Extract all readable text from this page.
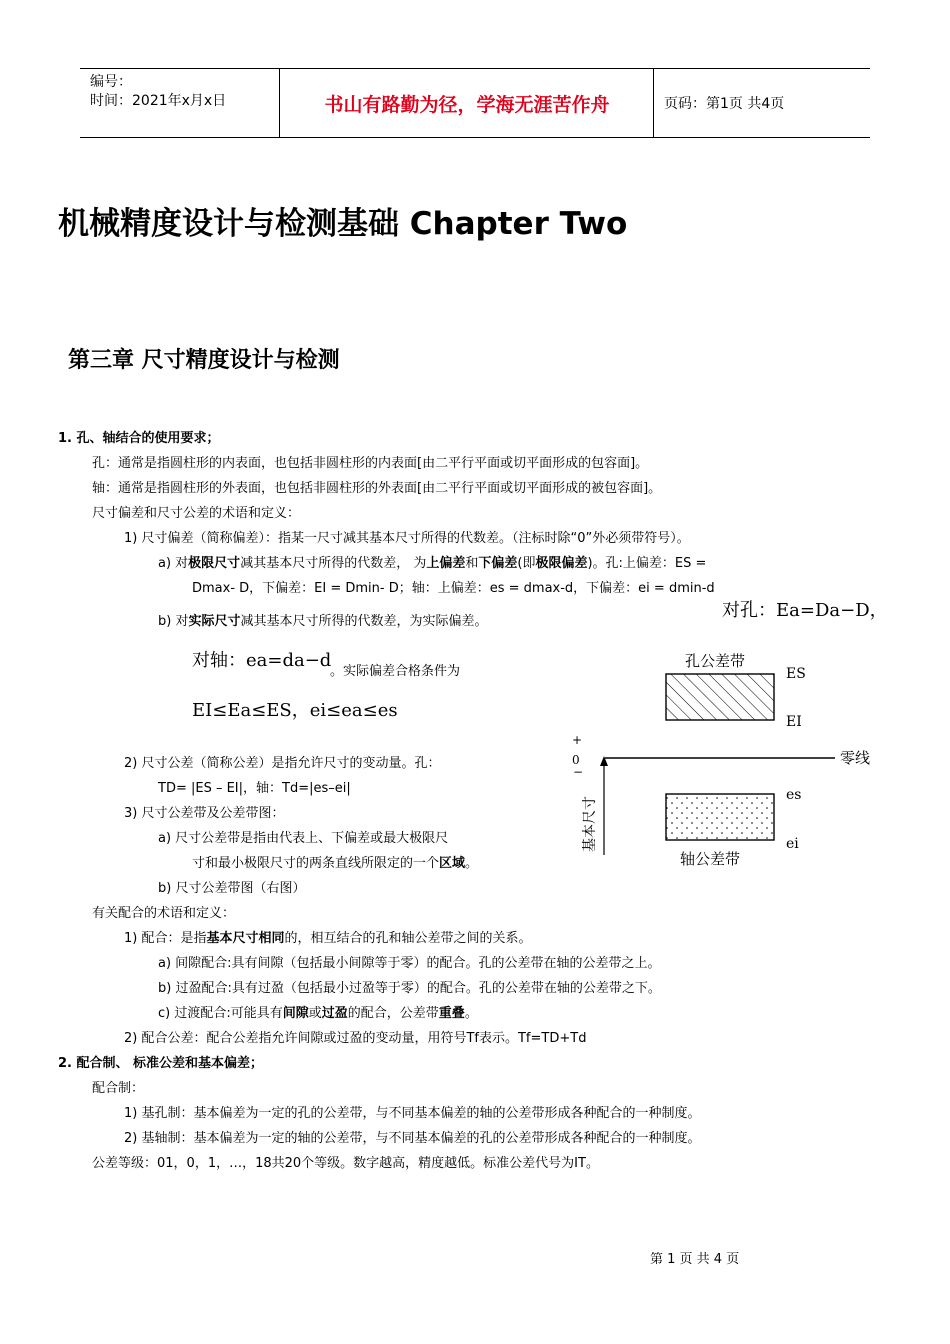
编号：
时间：2021年x月x日	书山有路勤为径，学海无涯苦作舟	页码：第1页 共4页
机械精度设计与检测基础 Chapter Two
第三章 尺寸精度设计与检测
1. 孔、轴结合的使用要求；
孔：通常是指圆柱形的内表面，也包括非圆柱形的内表面[由二平行平面或切平面形成的包容面]。
轴：通常是指圆柱形的外表面，也包括非圆柱形的外表面[由二平行平面或切平面形成的被包容面]。
尺寸偏差和尺寸公差的术语和定义：
1) 尺寸偏差（简称偏差）：指某一尺寸减其基本尺寸所得的代数差。（注标时除“0”外必须带符号）。
a) 对极限尺寸减其基本尺寸所得的代数差， 为上偏差和下偏差(即极限偏差)。孔:上偏差：ES =
Dmax- D，下偏差：EI = Dmin- D；轴：上偏差：es = dmax-d，下偏差：ei = dmin-d
b) 对实际尺寸减其基本尺寸所得的代数差，为实际偏差。
对孔：Ea=Da−D，
对轴：ea=da−d
。实际偏差合格条件为
EI≤Ea≤ES，ei≤ea≤es
2) 尺寸公差（简称公差）是指允许尺寸的变动量。孔：
TD= |ES – EI|，轴：Td=|es–ei|
3) 尺寸公差带及公差带图：
a) 尺寸公差带是指由代表上、下偏差或最大极限尺
寸和最小极限尺寸的两条直线所限定的一个区域。
b) 尺寸公差带图（右图）
孔公差带
ES
EI
零线
+
0
−
基本尺寸
es
ei
轴公差带
有关配合的术语和定义：
1) 配合：是指基本尺寸相同的，相互结合的孔和轴公差带之间的关系。
a) 间隙配合:具有间隙（包括最小间隙等于零）的配合。孔的公差带在轴的公差带之上。
b) 过盈配合:具有过盈（包括最小过盈等于零）的配合。孔的公差带在轴的公差带之下。
c) 过渡配合:可能具有间隙或过盈的配合，公差带重叠。
2) 配合公差：配合公差指允许间隙或过盈的变动量，用符号Tf表示。Tf=TD+Td
2. 配合制、 标准公差和基本偏差；
配合制：
1) 基孔制：基本偏差为一定的孔的公差带，与不同基本偏差的轴的公差带形成各种配合的一种制度。
2) 基轴制：基本偏差为一定的轴的公差带，与不同基本偏差的孔的公差带形成各种配合的一种制度。
公差等级：01，0，1，…，18共20个等级。数字越高，精度越低。标准公差代号为IT。
第 1 页 共 4 页
